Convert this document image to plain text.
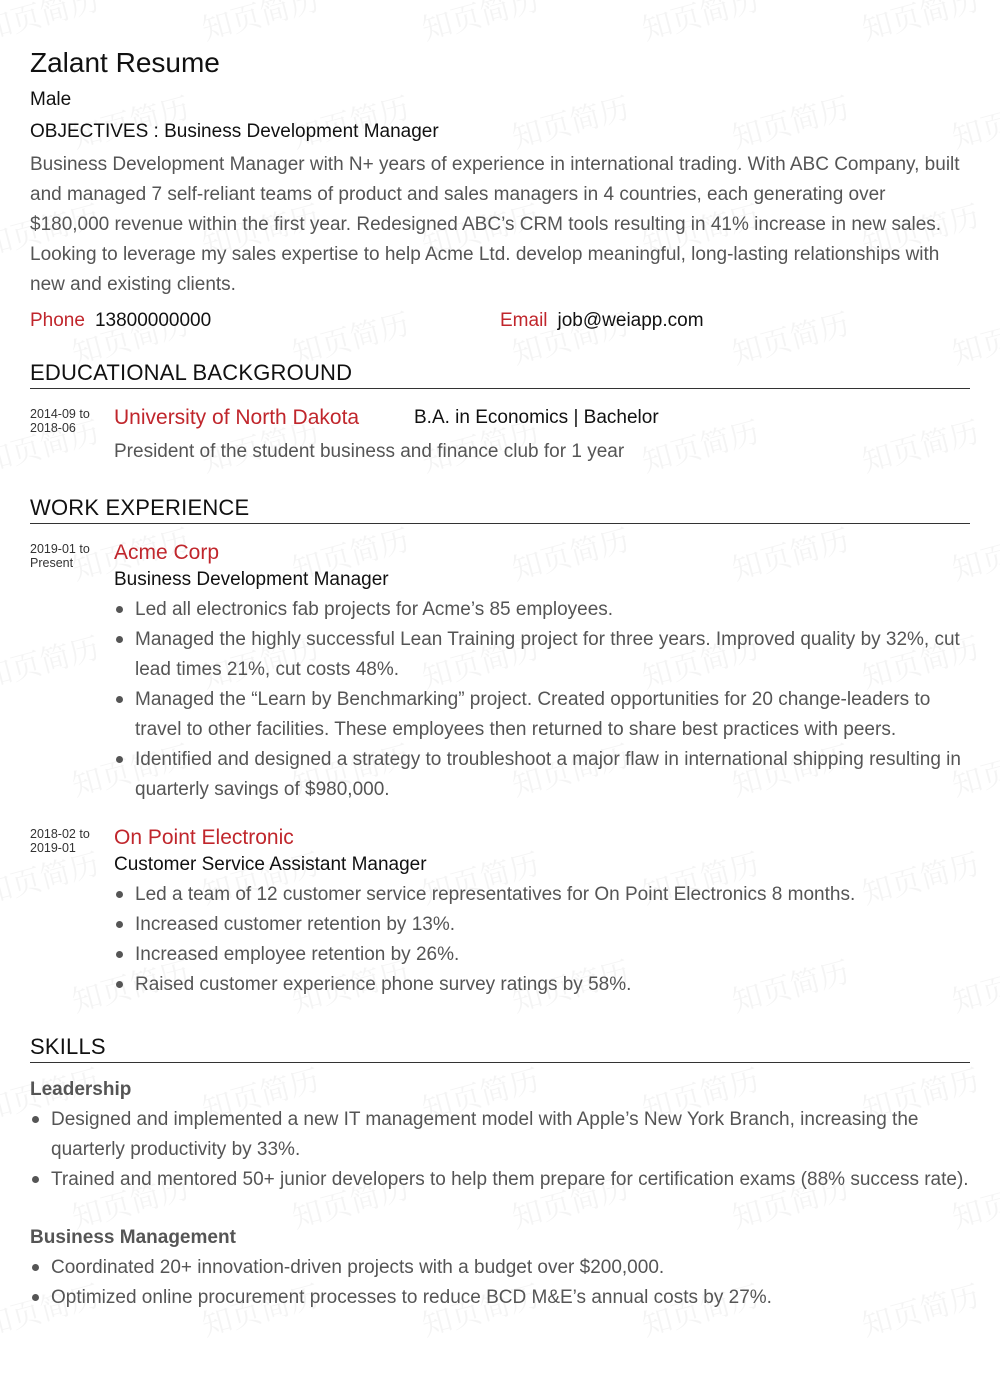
Zalant Resume
Male
OBJECTIVES : Business Development Manager
Business Development Manager with N+ years of experience in international trading. With ABC Company, built and managed 7 self-reliant teams of product and sales managers in 4 countries, each generating over $180,000 revenue within the first year. Redesigned ABC’s CRM tools resulting in 41% increase in new sales. Looking to leverage my sales expertise to help Acme Ltd. develop meaningful, long-lasting relationships with new and existing clients.
Phone 13800000000	Email job@weiapp.com
EDUCATIONAL BACKGROUND
2014-09 to
2018-06	University of North Dakota	B.A. in Economics | Bachelor
President of the student business and finance club for 1 year
WORK EXPERIENCE
2019-01 to
Present	Acme Corp
Business Development Manager
Led all electronics fab projects for Acme’s 85 employees.
Managed the highly successful Lean Training project for three years. Improved quality by 32%, cut lead times 21%, cut costs 48%.
Managed the “Learn by Benchmarking” project. Created opportunities for 20 change-leaders to travel to other facilities. These employees then returned to share best practices with peers.
Identified and designed a strategy to troubleshoot a major flaw in international shipping resulting in quarterly savings of $980,000.
2018-02 to
2019-01	On Point Electronic
Customer Service Assistant Manager
Led a team of 12 customer service representatives for On Point Electronics 8 months.
Increased customer retention by 13%.
Increased employee retention by 26%.
Raised customer experience phone survey ratings by 58%.
SKILLS
Leadership
Designed and implemented a new IT management model with Apple’s New York Branch, increasing the quarterly productivity by 33%.
Trained and mentored 50+ junior developers to help them prepare for certification exams (88% success rate).
Business Management
Coordinated 20+ innovation-driven projects with a budget over $200,000.
Optimized online procurement processes to reduce BCD M&E’s annual costs by 27%.
